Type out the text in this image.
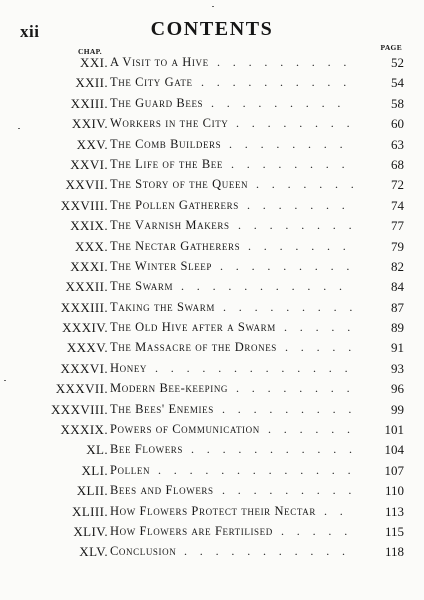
xii	CONTENTS
CHAP.	PAGE
XXI. A Visit to a Hive .........	52
XXII. The City Gate ..........	54
XXIII. The Guard Bees .........	58
XXIV. Workers in the City ........	60
XXV. The Comb Builders ........	63
XXVI. The Life of the Bee ........	68
XXVII. The Story of the Queen .......	72
XXVIII. The Pollen Gatherers .......	74
XXIX. The Varnish Makers ........	77
XXX. The Nectar Gatherers .......	79
XXXI. The Winter Sleep .........	82
XXXII. The Swarm ...........	84
XXXIII. Taking the Swarm .........	87
XXXIV. The Old Hive after a Swarm .....	89
XXXV. The Massacre of the Drones .....	91
XXXVI. Honey .............	93
XXXVII. Modern Bee-keeping ........	96
XXXVIII. The Bees' Enemies .........	99
XXXIX. Powers of Communication ......	101
XL. Bee Flowers ...........	104
XLI. Pollen .............	107
XLII. Bees and Flowers .........	110
XLIII. How Flowers Protect their Nectar ..	113
XLIV. How Flowers are Fertilised .....	115
XLV. Conclusion ...........	118
